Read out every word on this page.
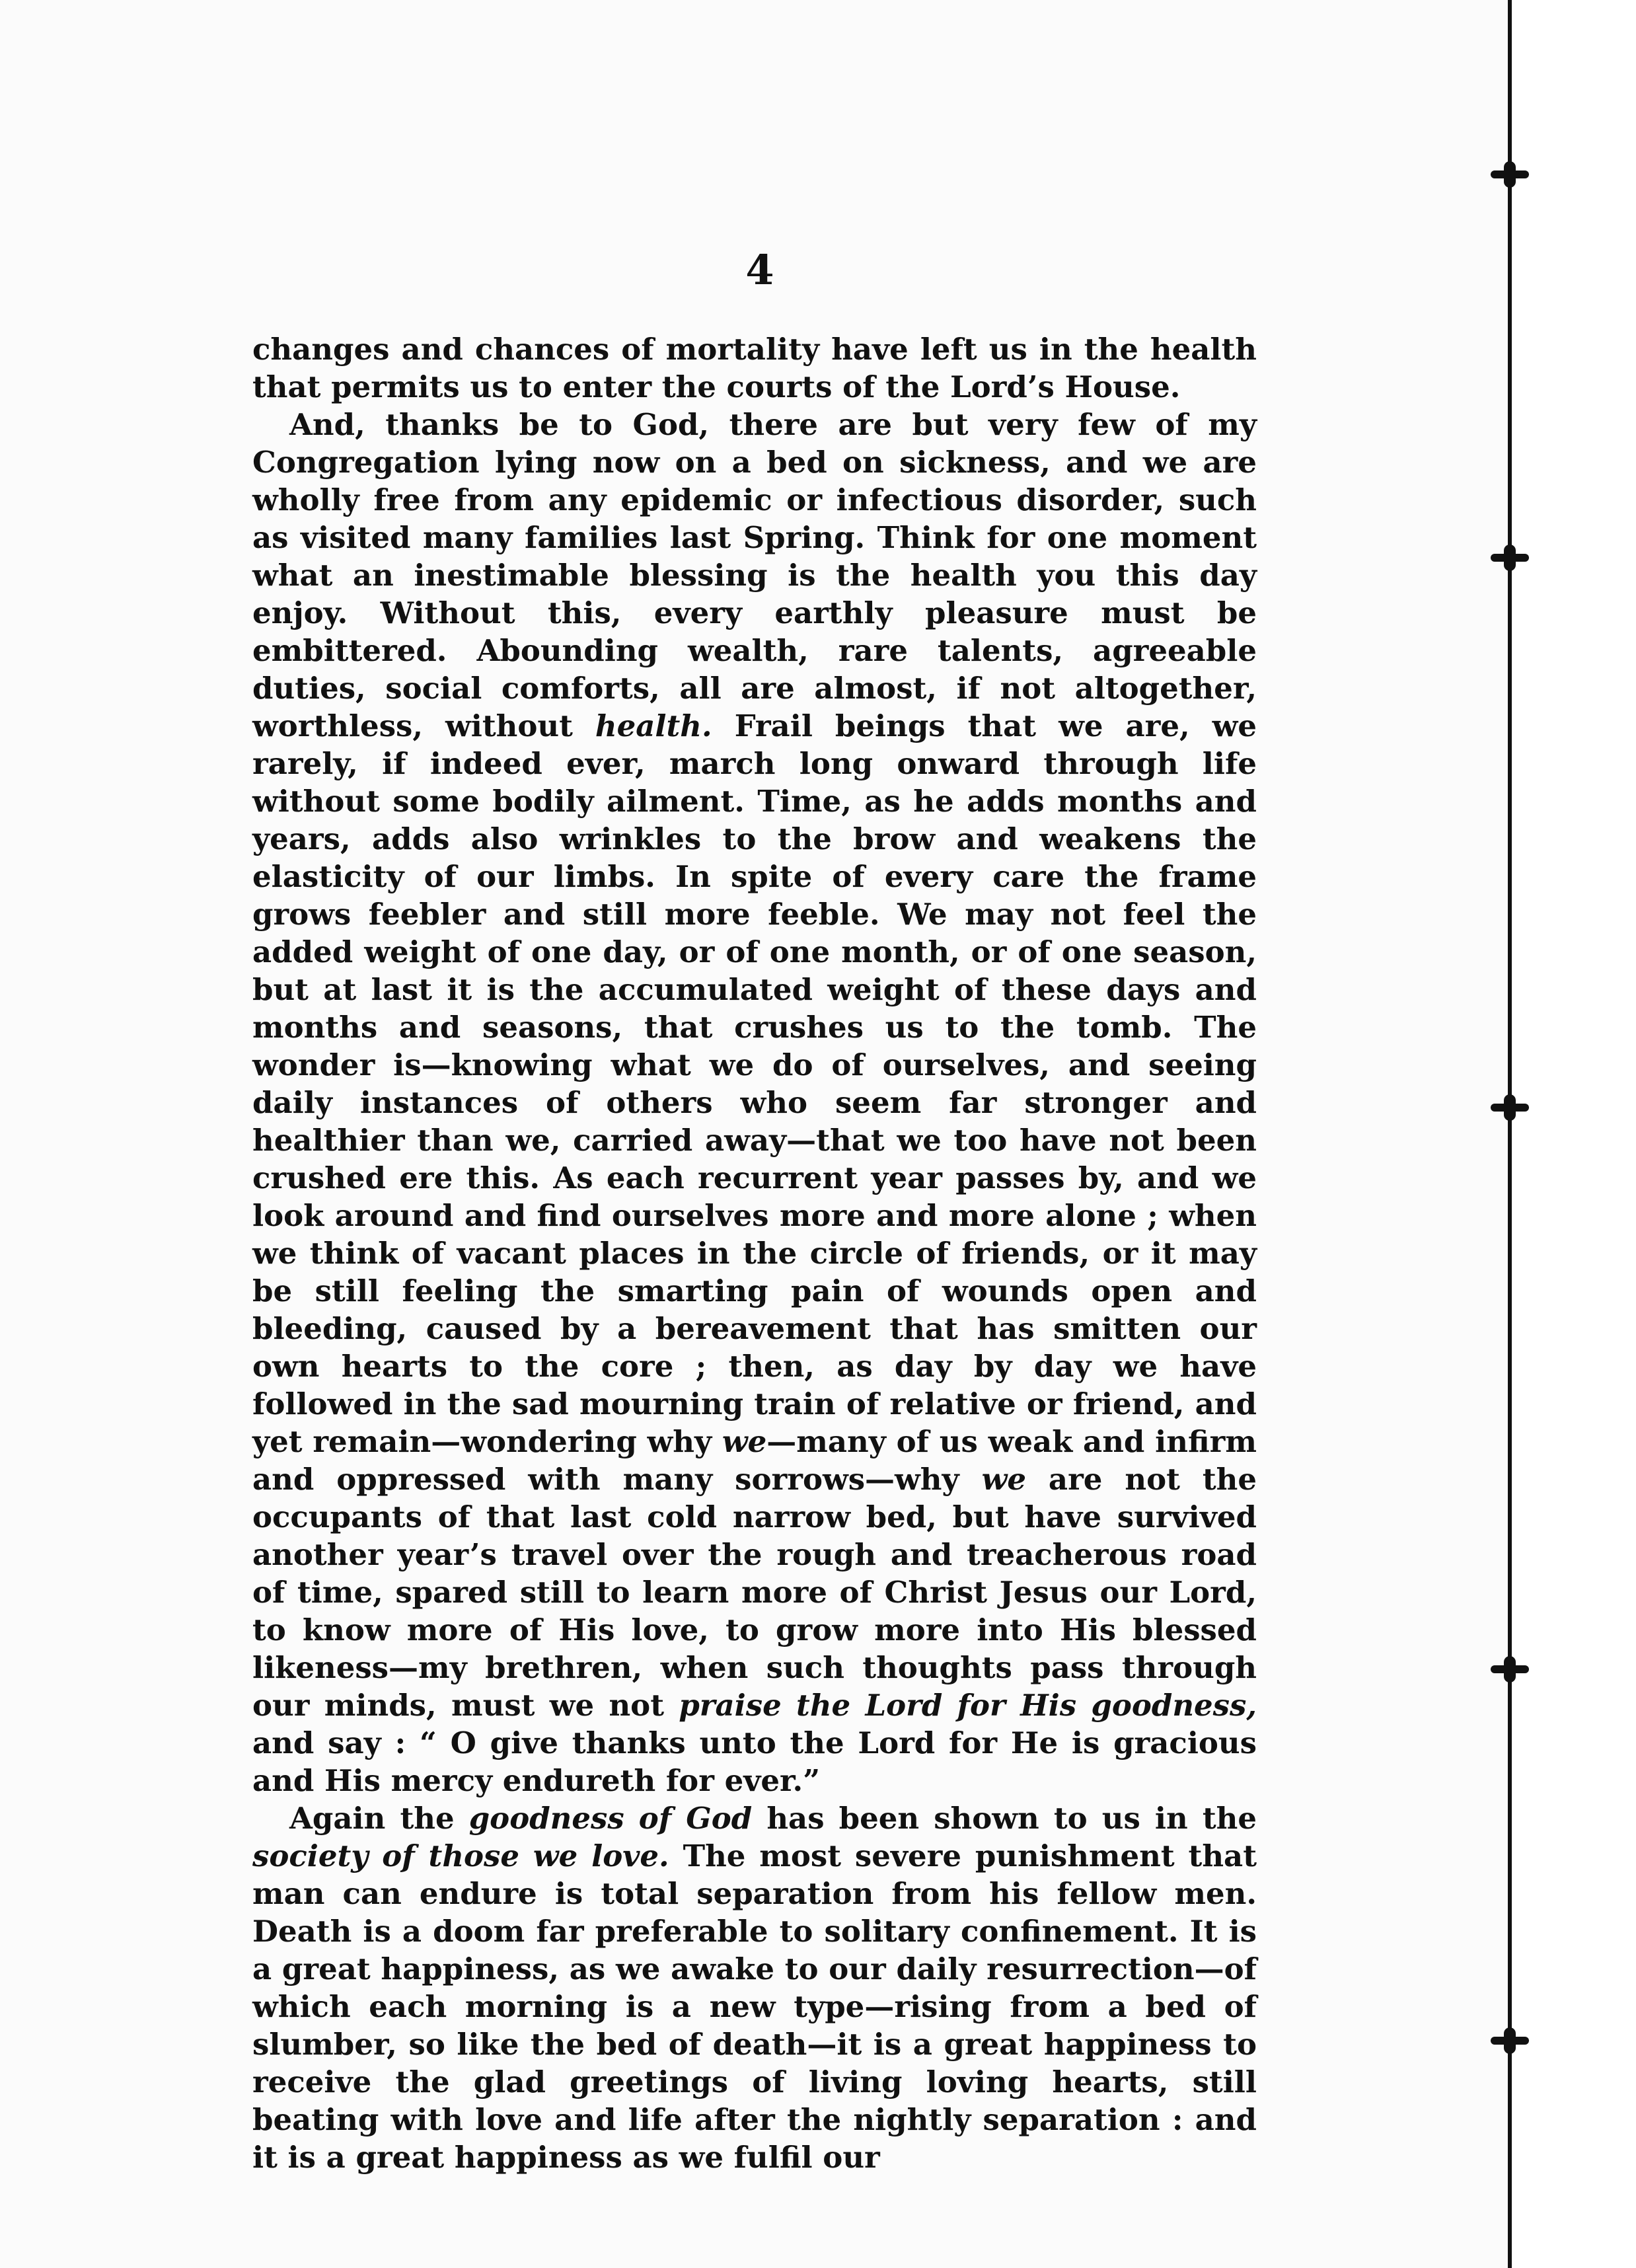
4

changes and chances of mortality have left us in the health that permits us to enter the courts of the Lord’s House.

And, thanks be to God, there are but very few of my Congregation lying now on a bed on sickness, and we are wholly free from any epidemic or infectious disorder, such as visited many families last Spring. Think for one moment what an inestimable blessing is the health you this day enjoy. Without this, every earthly pleasure must be embittered. Abounding wealth, rare talents, agreeable duties, social comforts, all are almost, if not altogether, worthless, without health. Frail beings that we are, we rarely, if indeed ever, march long onward through life without some bodily ailment. Time, as he adds months and years, adds also wrinkles to the brow and weakens the elasticity of our limbs. In spite of every care the frame grows feebler and still more feeble. We may not feel the added weight of one day, or of one month, or of one season, but at last it is the accumulated weight of these days and months and seasons, that crushes us to the tomb. The wonder is—knowing what we do of ourselves, and seeing daily instances of others who seem far stronger and healthier than we, carried away—that we too have not been crushed ere this. As each recurrent year passes by, and we look around and find ourselves more and more alone ; when we think of vacant places in the circle of friends, or it may be still feeling the smarting pain of wounds open and bleeding, caused by a bereavement that has smitten our own hearts to the core ; then, as day by day we have followed in the sad mourning train of relative or friend, and yet remain—wondering why we—many of us weak and infirm and oppressed with many sorrows—why we are not the occupants of that last cold narrow bed, but have survived another year’s travel over the rough and treacherous road of time, spared still to learn more of Christ Jesus our Lord, to know more of His love, to grow more into His blessed likeness—my brethren, when such thoughts pass through our minds, must we not praise the Lord for His goodness, and say : “ O give thanks unto the Lord for He is gracious and His mercy endureth for ever.”

Again the goodness of God has been shown to us in the society of those we love. The most severe punishment that man can endure is total separation from his fellow men. Death is a doom far preferable to solitary confinement. It is a great happiness, as we awake to our daily resurrection—of which each morning is a new type—rising from a bed of slumber, so like the bed of death—it is a great happiness to receive the glad greetings of living loving hearts, still beating with love and life after the nightly separation : and it is a great happiness as we fulfil our
